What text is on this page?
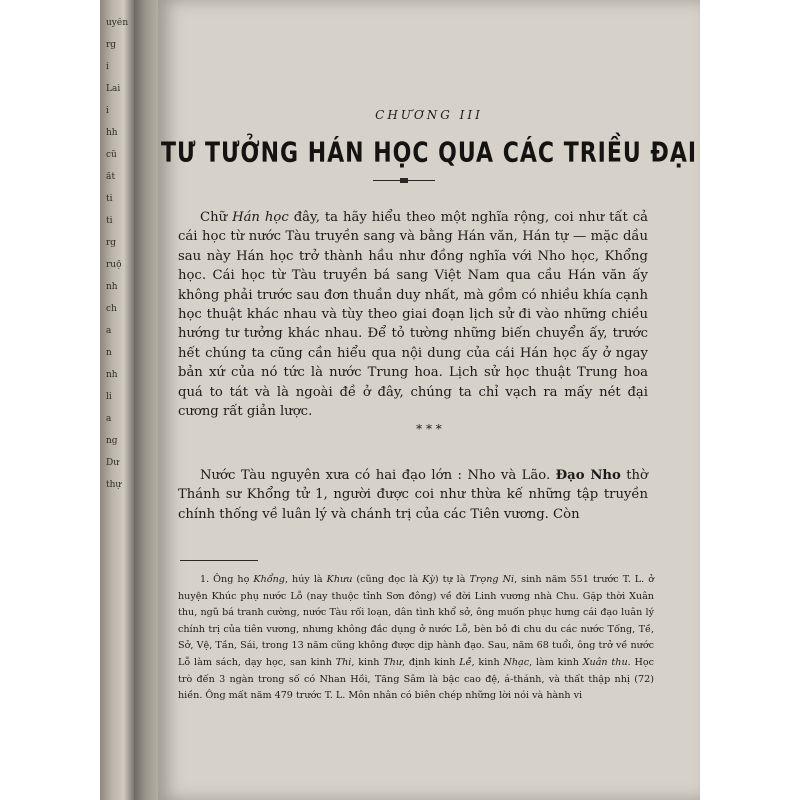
uyễn
rg
ỉ
Lai
i
hh
cũ
ất
ti
ti
rg
ruộ
nh
ch
a
n
nh
li
a
ng
Dư
thự
CHƯƠNG III
TƯ TƯỞNG HÁN HỌC QUA CÁC TRIỀU ĐẠI

Chữ Hán học đây, ta hãy hiểu theo một nghĩa rộng, coi như tất cả cái học từ nước Tàu truyền sang và bằng Hán văn, Hán tự — mặc dầu sau này Hán học trở thành hầu như đồng nghĩa với Nho học, Khổng học. Cái học từ Tàu truyền bá sang Việt Nam qua cầu Hán văn ấy không phải trước sau đơn thuần duy nhất, mà gồm có nhiều khía cạnh học thuật khác nhau và tùy theo giai đoạn lịch sử đi vào những chiều hướng tư tưởng khác nhau. Để tỏ tường những biến chuyển ấy, trước hết chúng ta cũng cần hiểu qua nội dung của cái Hán học ấy ở ngay bản xứ của nó tức là nước Trung hoa. Lịch sử học thuật Trung hoa quá to tát và là ngoài đề ở đây, chúng ta chỉ vạch ra mấy nét đại cương rất giản lược.

* * *

Nước Tàu nguyên xưa có hai đạo lớn : Nho và Lão. Đạo Nho thờ Thánh sư Khổng tử 1, người được coi như thừa kế những tập truyền chính thống về luân lý và chánh trị của các Tiên vương. Còn

1. Ông họ Khổng, húy là Khưu (cũng đọc là Kỳ) tự là Trọng Ni, sinh năm 551 trước T. L. ở huyện Khúc phụ nước Lỗ (nay thuộc tỉnh Sơn đông) về đời Linh vương nhà Chu. Gặp thời Xuân thu, ngũ bá tranh cường, nước Tàu rối loạn, dân tình khổ sở, ông muốn phục hưng cái đạo luân lý chính trị của tiên vương, nhưng không đắc dụng ở nước Lỗ, bèn bỏ đi chu du các nước Tống, Tề, Sở, Vệ, Tần, Sái, trong 13 năm cũng không được dịp hành đạo. Sau, năm 68 tuổi, ông trở về nước Lỗ làm sách, dạy học, san kinh Thi, kinh Thư, định kinh Lễ, kinh Nhạc, làm kinh Xuân thu. Học trò đến 3 ngàn trong số có Nhan Hồi, Tăng Sâm là bậc cao đệ, á-thánh, và thất thập nhị (72) hiền. Ông mất năm 479 trước T. L. Môn nhân có biên chép những lời nói và hành vi
